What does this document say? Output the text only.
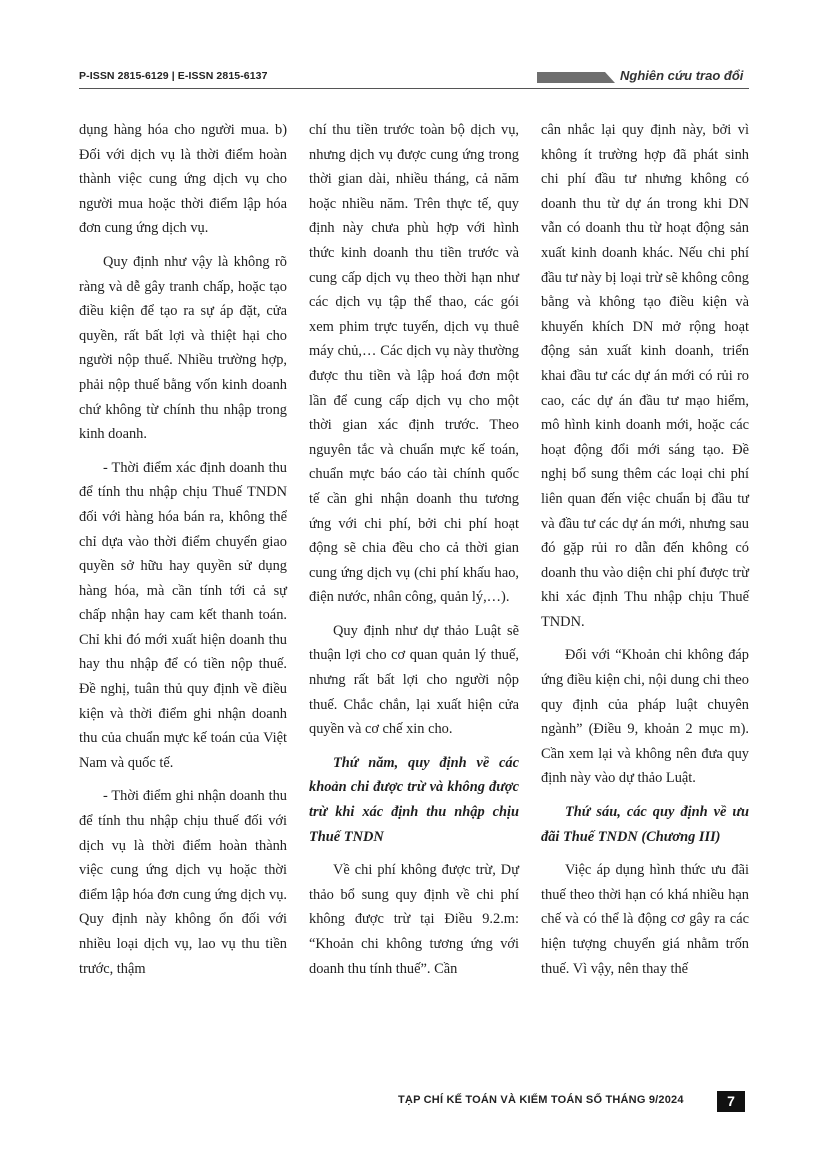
P-ISSN 2815-6129 | E-ISSN 2815-6137	Nghiên cứu trao đổi

dụng hàng hóa cho người mua. b) Đối với dịch vụ là thời điểm hoàn thành việc cung ứng dịch vụ cho người mua hoặc thời điểm lập hóa đơn cung ứng dịch vụ.

Quy định như vậy là không rõ ràng và dễ gây tranh chấp, hoặc tạo điều kiện để tạo ra sự áp đặt, cửa quyền, rất bất lợi và thiệt hại cho người nộp thuế. Nhiều trường hợp, phải nộp thuế bằng vốn kinh doanh chứ không từ chính thu nhập trong kinh doanh.

- Thời điểm xác định doanh thu để tính thu nhập chịu Thuế TNDN đối với hàng hóa bán ra, không thể chỉ dựa vào thời điểm chuyển giao quyền sở hữu hay quyền sử dụng hàng hóa, mà cần tính tới cả sự chấp nhận hay cam kết thanh toán. Chỉ khi đó mới xuất hiện doanh thu hay thu nhập để có tiền nộp thuế. Đề nghị, tuân thủ quy định về điều kiện và thời điểm ghi nhận doanh thu của chuẩn mực kế toán của Việt Nam và quốc tế.

- Thời điểm ghi nhận doanh thu để tính thu nhập chịu thuế đối với dịch vụ là thời điểm hoàn thành việc cung ứng dịch vụ hoặc thời điểm lập hóa đơn cung ứng dịch vụ. Quy định này không ổn đối với nhiều loại dịch vụ, lao vụ thu tiền trước, thậm

chí thu tiền trước toàn bộ dịch vụ, nhưng dịch vụ được cung ứng trong thời gian dài, nhiều tháng, cả năm hoặc nhiều năm. Trên thực tế, quy định này chưa phù hợp với hình thức kinh doanh thu tiền trước và cung cấp dịch vụ theo thời hạn như các dịch vụ tập thể thao, các gói xem phim trực tuyến, dịch vụ thuê máy chủ,… Các dịch vụ này thường được thu tiền và lập hoá đơn một lần để cung cấp dịch vụ cho một thời gian xác định trước. Theo nguyên tắc và chuẩn mực kế toán, chuẩn mực báo cáo tài chính quốc tế cần ghi nhận doanh thu tương ứng với chi phí, bởi chi phí hoạt động sẽ chia đều cho cả thời gian cung ứng dịch vụ (chi phí khấu hao, điện nước, nhân công, quản lý,…).

Quy định như dự thảo Luật sẽ thuận lợi cho cơ quan quản lý thuế, nhưng rất bất lợi cho người nộp thuế. Chắc chắn, lại xuất hiện cửa quyền và cơ chế xin cho.

Thứ năm, quy định về các khoản chi được trừ và không được trừ khi xác định thu nhập chịu Thuế TNDN

Về chi phí không được trừ, Dự thảo bổ sung quy định về chi phí không được trừ tại Điều 9.2.m: “Khoản chi không tương ứng với doanh thu tính thuế”. Cần

cân nhắc lại quy định này, bởi vì không ít trường hợp đã phát sinh chi phí đầu tư nhưng không có doanh thu từ dự án trong khi DN vẫn có doanh thu từ hoạt động sản xuất kinh doanh khác. Nếu chi phí đầu tư này bị loại trừ sẽ không công bằng và không tạo điều kiện và khuyến khích DN mở rộng hoạt động sản xuất kinh doanh, triển khai đầu tư các dự án mới có rủi ro cao, các dự án đầu tư mạo hiểm, mô hình kinh doanh mới, hoặc các hoạt động đổi mới sáng tạo. Đề nghị bổ sung thêm các loại chi phí liên quan đến việc chuẩn bị đầu tư và đầu tư các dự án mới, nhưng sau đó gặp rủi ro dẫn đến không có doanh thu vào diện chi phí được trừ khi xác định Thu nhập chịu Thuế TNDN.

Đối với “Khoản chi không đáp ứng điều kiện chi, nội dung chi theo quy định của pháp luật chuyên ngành” (Điều 9, khoản 2 mục m). Cần xem lại và không nên đưa quy định này vào dự thảo Luật.

Thứ sáu, các quy định về ưu đãi Thuế TNDN (Chương III)

Việc áp dụng hình thức ưu đãi thuế theo thời hạn có khá nhiều hạn chế và có thể là động cơ gây ra các hiện tượng chuyển giá nhằm trốn thuế. Vì vậy, nên thay thế

TẠP CHÍ KẾ TOÁN VÀ KIỂM TOÁN SỐ THÁNG 9/2024	7
